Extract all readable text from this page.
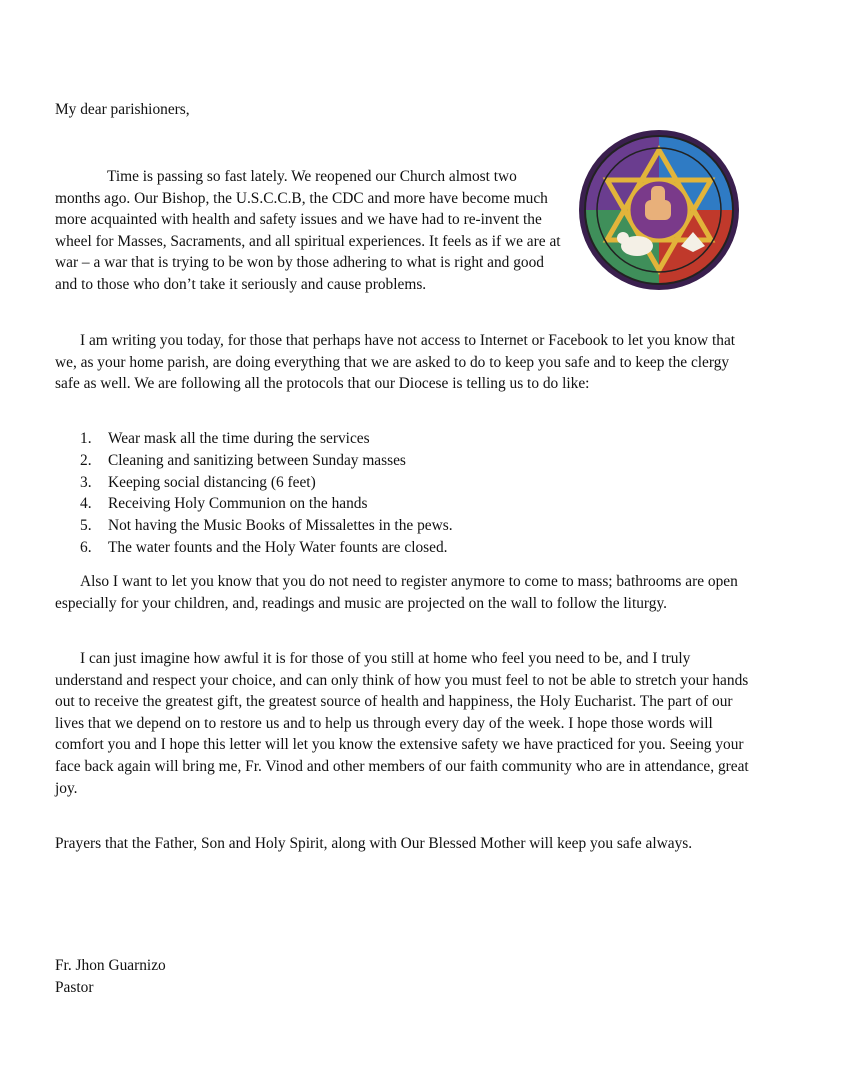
My dear parishioners,

Time is passing so fast lately. We reopened our Church almost two months ago. Our Bishop, the U.S.C.C.B, the CDC and more have become much more acquainted with health and safety issues and we have had to re-invent the wheel for Masses, Sacraments, and all spiritual experiences. It feels as if we are at war – a war that is trying to be won by those adhering to what is right and good and to those who don’t take it seriously and cause problems.

I am writing you today, for those that perhaps have not access to Internet or Facebook to let you know that we, as your home parish, are doing everything that we are asked to do to keep you safe and to keep the clergy safe as well. We are following all the protocols that our Diocese is telling us to do like:

1.	Wear mask all the time during the services
2.	Cleaning and sanitizing between Sunday masses
3.	Keeping social distancing (6 feet)
4.	Receiving Holy Communion on the hands
5.	Not having the Music Books of Missalettes in the pews.
6.	The water founts and the Holy Water founts are closed.

Also I want to let you know that you do not need to register anymore to come to mass; bathrooms are open especially for your children, and, readings and music are projected on the wall to follow the liturgy.

I can just imagine how awful it is for those of you still at home who feel you need to be, and I truly understand and respect your choice, and can only think of how you must feel to not be able to stretch your hands out to receive the greatest gift, the greatest source of health and happiness, the Holy Eucharist. The part of our lives that we depend on to restore us and to help us through every day of the week. I hope those words will comfort you and I hope this letter will let you know the extensive safety we have practiced for you. Seeing your face back again will bring me, Fr. Vinod and other members of our faith community who are in attendance, great joy.

Prayers that the Father, Son and Holy Spirit, along with Our Blessed Mother will keep you safe always.

Fr. Jhon Guarnizo
Pastor
